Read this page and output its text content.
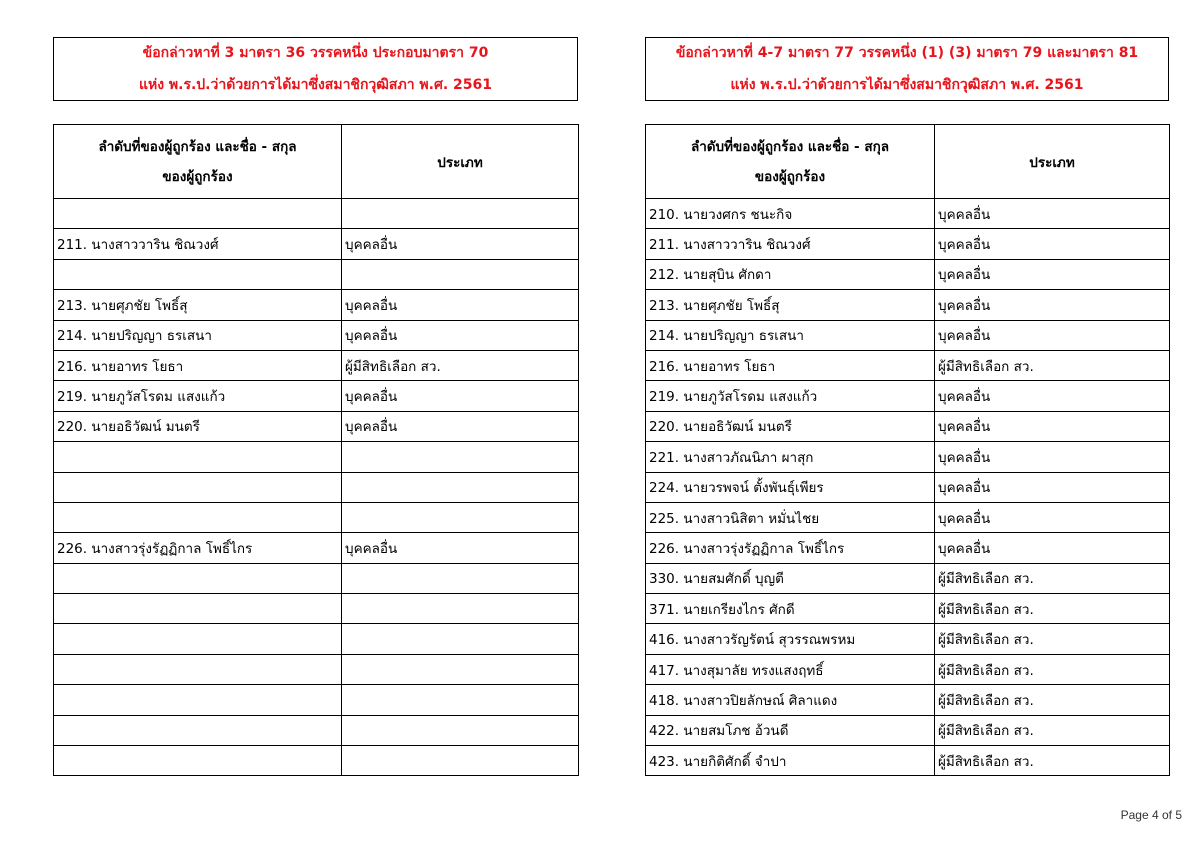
ข้อกล่าวหาที่ 3 มาตรา 36 วรรคหนึ่ง ประกอบมาตรา 70
แห่ง พ.ร.ป.ว่าด้วยการได้มาซึ่งสมาชิกวุฒิสภา พ.ศ. 2561
ข้อกล่าวหาที่ 4-7 มาตรา 77 วรรคหนึ่ง (1) (3) มาตรา 79 และมาตรา 81
แห่ง พ.ร.ป.ว่าด้วยการได้มาซึ่งสมาชิกวุฒิสภา พ.ศ. 2561
ลำดับที่ของผู้ถูกร้อง และชื่อ - สกุล
ของผู้ถูกร้อง	ประเภท

211. นางสาววาริน ชิณวงศ์	บุคคลอื่น

213. นายศุภชัย โพธิ์สุ	บุคคลอื่น
214. นายปริญญา ธรเสนา	บุคคลอื่น
216. นายอาทร โยธา	ผู้มีสิทธิเลือก สว.
219. นายภูวัสโรดม แสงแก้ว	บุคคลอื่น
220. นายอธิวัฒน์ มนตรี	บุคคลอื่น

226. นางสาวรุ่งรัฏฏิกาล โพธิ์ไกร	บุคคลอื่น

ลำดับที่ของผู้ถูกร้อง และชื่อ - สกุล
ของผู้ถูกร้อง	ประเภท
210. นายวงศกร ชนะกิจ	บุคคลอื่น
211. นางสาววาริน ชิณวงศ์	บุคคลอื่น
212. นายสุบิน ศักดา	บุคคลอื่น
213. นายศุภชัย โพธิ์สุ	บุคคลอื่น
214. นายปริญญา ธรเสนา	บุคคลอื่น
216. นายอาทร โยธา	ผู้มีสิทธิเลือก สว.
219. นายภูวัสโรดม แสงแก้ว	บุคคลอื่น
220. นายอธิวัฒน์ มนตรี	บุคคลอื่น
221. นางสาวภัณนิภา ผาสุก	บุคคลอื่น
224. นายวรพจน์ ตั้งพันธุ์เพียร	บุคคลอื่น
225. นางสาวนิสิตา หมั่นไชย	บุคคลอื่น
226. นางสาวรุ่งรัฏฏิกาล โพธิ์ไกร	บุคคลอื่น
330. นายสมศักดิ์ บุญตี	ผู้มีสิทธิเลือก สว.
371. นายเกรียงไกร ศักดี	ผู้มีสิทธิเลือก สว.
416. นางสาวรัญรัตน์ สุวรรณพรหม	ผู้มีสิทธิเลือก สว.
417. นางสุมาลัย ทรงแสงฤทธิ์	ผู้มีสิทธิเลือก สว.
418. นางสาวปิยลักษณ์ ศิลาแดง	ผู้มีสิทธิเลือก สว.
422. นายสมโภช อ้วนดี	ผู้มีสิทธิเลือก สว.
423. นายกิติศักดิ์ จำปา	ผู้มีสิทธิเลือก สว.
Page 4 of 5
